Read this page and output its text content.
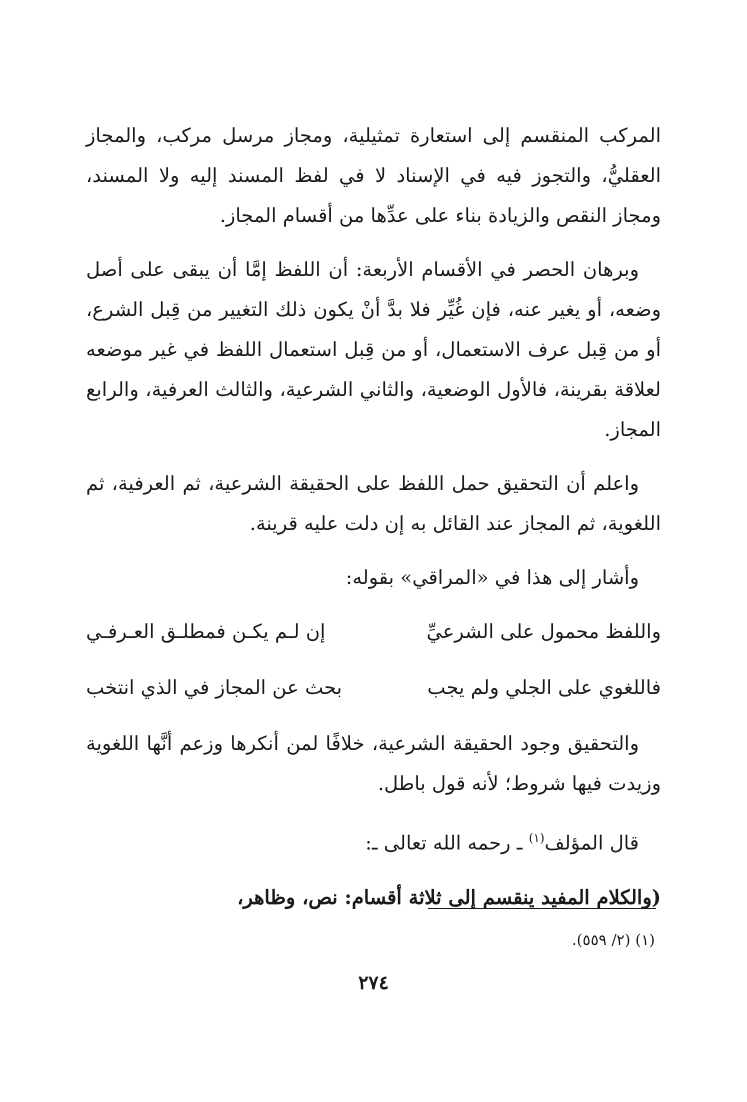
المركب المنقسم إلى استعارة تمثيلية، ومجاز مرسل مركب، والمجاز العقليُّ، والتجوز فيه في الإسناد لا في لفظ المسند إليه ولا المسند، ومجاز النقص والزيادة بناء على عدِّها من أقسام المجاز.

وبرهان الحصر في الأقسام الأربعة: أن اللفظ إمَّا أن يبقى على أصل وضعه، أو يغير عنه، فإن غُيِّر فلا بدَّ أنْ يكون ذلك التغيير من قِبل الشرع، أو من قِبل عرف الاستعمال، أو من قِبل استعمال اللفظ في غير موضعه لعلاقة بقرينة، فالأول الوضعية، والثاني الشرعية، والثالث العرفية، والرابع المجاز.

واعلم أن التحقيق حمل اللفظ على الحقيقة الشرعية، ثم العرفية، ثم اللغوية، ثم المجاز عند القائل به إن دلت عليه قرينة.

وأشار إلى هذا في «المراقي» بقوله:

واللفظ محمول على الشرعيِّ
إن لـم يكـن فمطلـق العـرفـي
فاللغوي على الجلي ولم يجب
بحث عن المجاز في الذي انتخب

والتحقيق وجود الحقيقة الشرعية، خلافًا لمن أنكرها وزعم أنَّها اللغوية وزيدت فيها شروط؛ لأنه قول باطل.

قال المؤلف$^{(١)}$ ـ رحمه الله تعالى ـ:

(والكلام المفيد ينقسم إلى ثلاثة أقسام: نص، وظاهر،

(١) (٢/ ٥٥٩).
٢٧٤
